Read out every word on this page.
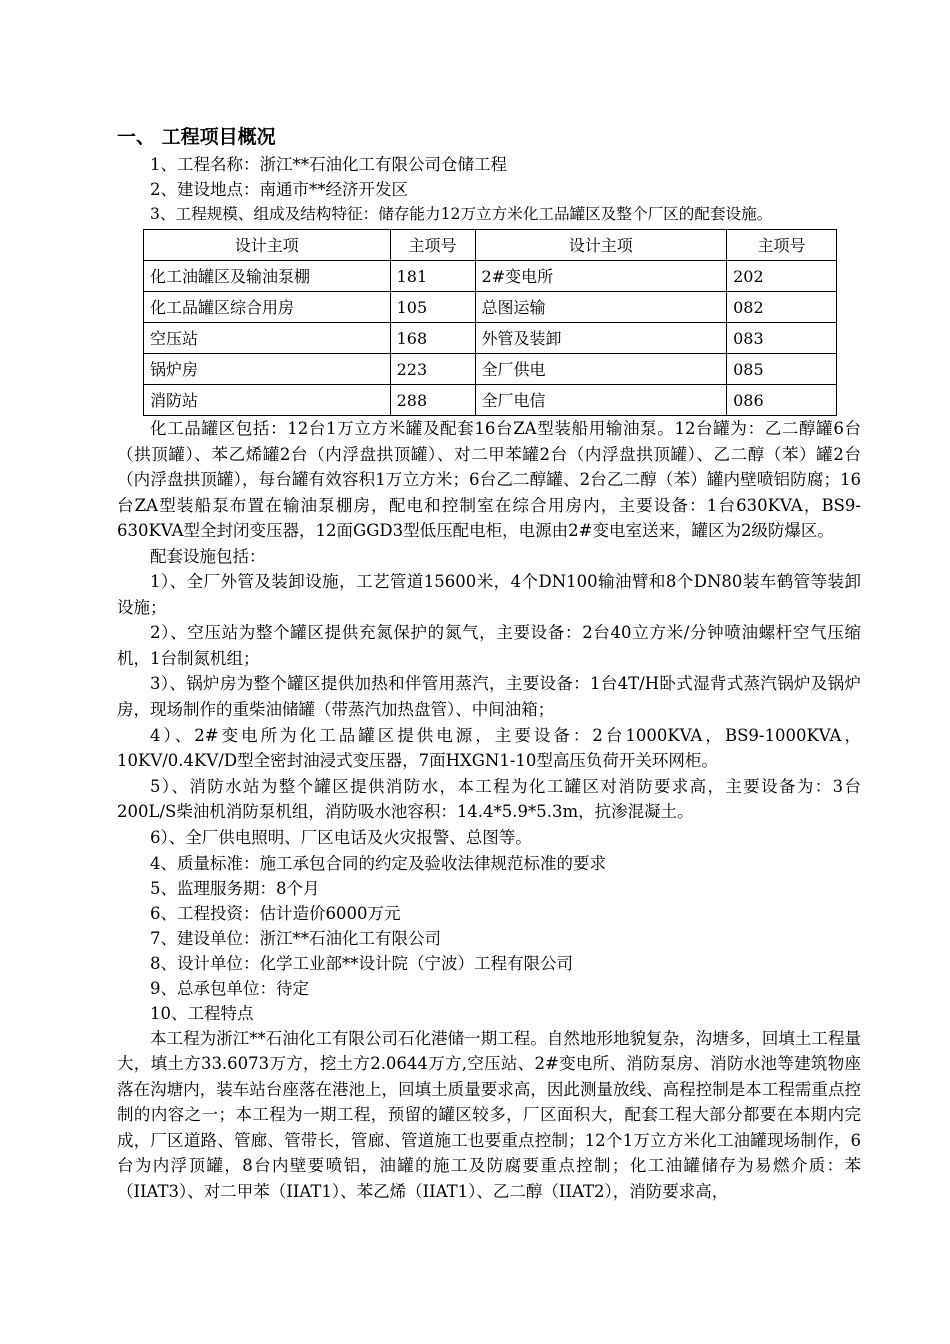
一、 工程项目概况

1、工程名称：浙江**石油化工有限公司仓储工程

2、建设地点：南通市**经济开发区

3、工程规模、组成及结构特征：储存能力12万立方米化工品罐区及整个厂区的配套设施。

设计主项	主项号	设计主项	主项号
化工油罐区及输油泵棚	181	2#变电所	202
化工品罐区综合用房	105	总图运输	082
空压站	168	外管及装卸	083
锅炉房	223	全厂供电	085
消防站	288	全厂电信	086

化工品罐区包括：12台1万立方米罐及配套16台ZA型装船用输油泵。12台罐为：乙二醇罐6台（拱顶罐）、苯乙烯罐2台（内浮盘拱顶罐）、对二甲苯罐2台（内浮盘拱顶罐）、乙二醇（苯）罐2台（内浮盘拱顶罐），每台罐有效容积1万立方米；6台乙二醇罐、2台乙二醇（苯）罐内壁喷铝防腐；16台ZA型装船泵布置在输油泵棚房，配电和控制室在综合用房内，主要设备：1台630KVA，BS9-630KVA型全封闭变压器，12面GGD3型低压配电柜，电源由2#变电室送来，罐区为2级防爆区。

配套设施包括：

1）、全厂外管及装卸设施，工艺管道15600米，4个DN100输油臂和8个DN80装车鹤管等装卸设施；

2）、空压站为整个罐区提供充氮保护的氮气，主要设备：2台40立方米/分钟喷油螺杆空气压缩机，1台制氮机组；

3）、锅炉房为整个罐区提供加热和伴管用蒸汽，主要设备：1台4T/H卧式湿背式蒸汽锅炉及锅炉房，现场制作的重柴油储罐（带蒸汽加热盘管）、中间油箱；

4）、2#变电所为化工品罐区提供电源，主要设备：2台1000KVA，BS9-1000KVA，10KV/0.4KV/D型全密封油浸式变压器，7面HXGN1-10型高压负荷开关环网柜。

5）、消防水站为整个罐区提供消防水，本工程为化工罐区对消防要求高，主要设备为：3台200L/S柴油机消防泵机组，消防吸水池容积：14.4*5.9*5.3m，抗渗混凝土。

6）、全厂供电照明、厂区电话及火灾报警、总图等。

4、质量标准：施工承包合同的约定及验收法律规范标准的要求

5、监理服务期：8个月

6、工程投资：估计造价6000万元

7、建设单位：浙江**石油化工有限公司

8、设计单位：化学工业部**设计院（宁波）工程有限公司

9、总承包单位：待定

10、工程特点

本工程为浙江**石油化工有限公司石化港储一期工程。自然地形地貌复杂，沟塘多，回填土工程量大，填土方33.6073万方，挖土方2.0644万方,空压站、2#变电所、消防泵房、消防水池等建筑物座落在沟塘内，装车站台座落在港池上，回填土质量要求高，因此测量放线、高程控制是本工程需重点控制的内容之一；本工程为一期工程，预留的罐区较多，厂区面积大，配套工程大部分都要在本期内完成，厂区道路、管廊、管带长，管廊、管道施工也要重点控制；12个1万立方米化工油罐现场制作，6台为内浮顶罐，8台内壁要喷铝，油罐的施工及防腐要重点控制；化工油罐储存为易燃介质：苯（IIAT3）、对二甲苯（IIAT1）、苯乙烯（IIAT1）、乙二醇（IIAT2），消防要求高，
